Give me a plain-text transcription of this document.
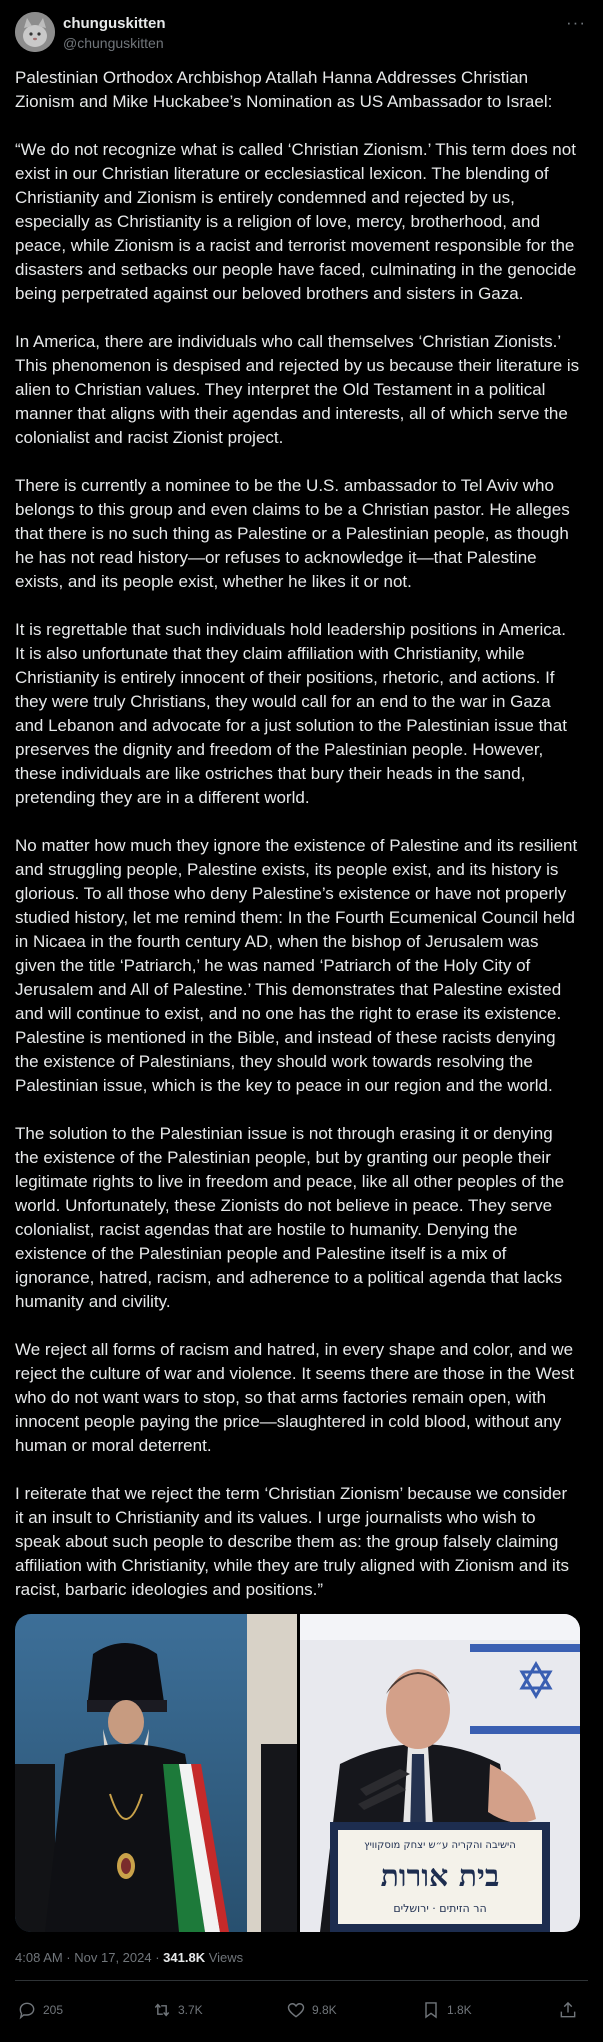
chunguskitten
@chunguskitten
···

Palestinian Orthodox Archbishop Atallah Hanna Addresses Christian Zionism and Mike Huckabee’s Nomination as US Ambassador to Israel:

“We do not recognize what is called ‘Christian Zionism.’ This term does not exist in our Christian literature or ecclesiastical lexicon. The blending of Christianity and Zionism is entirely condemned and rejected by us, especially as Christianity is a religion of love, mercy, brotherhood, and peace, while Zionism is a racist and terrorist movement responsible for the disasters and setbacks our people have faced, culminating in the genocide being perpetrated against our beloved brothers and sisters in Gaza.

In America, there are individuals who call themselves ‘Christian Zionists.’ This phenomenon is despised and rejected by us because their literature is alien to Christian values. They interpret the Old Testament in a political manner that aligns with their agendas and interests, all of which serve the colonialist and racist Zionist project.

There is currently a nominee to be the U.S. ambassador to Tel Aviv who belongs to this group and even claims to be a Christian pastor. He alleges that there is no such thing as Palestine or a Palestinian people, as though he has not read history—or refuses to acknowledge it—that Palestine exists, and its people exist, whether he likes it or not.

It is regrettable that such individuals hold leadership positions in America. It is also unfortunate that they claim affiliation with Christianity, while Christianity is entirely innocent of their positions, rhetoric, and actions. If they were truly Christians, they would call for an end to the war in Gaza and Lebanon and advocate for a just solution to the Palestinian issue that preserves the dignity and freedom of the Palestinian people. However, these individuals are like ostriches that bury their heads in the sand, pretending they are in a different world.

No matter how much they ignore the existence of Palestine and its resilient and struggling people, Palestine exists, its people exist, and its history is glorious. To all those who deny Palestine’s existence or have not properly studied history, let me remind them: In the Fourth Ecumenical Council held in Nicaea in the fourth century AD, when the bishop of Jerusalem was given the title ‘Patriarch,’ he was named ‘Patriarch of the Holy City of Jerusalem and All of Palestine.’ This demonstrates that Palestine existed and will continue to exist, and no one has the right to erase its existence. Palestine is mentioned in the Bible, and instead of these racists denying the existence of Palestinians, they should work towards resolving the Palestinian issue, which is the key to peace in our region and the world.

The solution to the Palestinian issue is not through erasing it or denying the existence of the Palestinian people, but by granting our people their legitimate rights to live in freedom and peace, like all other peoples of the world. Unfortunately, these Zionists do not believe in peace. They serve colonialist, racist agendas that are hostile to humanity. Denying the existence of the Palestinian people and Palestine itself is a mix of ignorance, hatred, racism, and adherence to a political agenda that lacks humanity and civility.

We reject all forms of racism and hatred, in every shape and color, and we reject the culture of war and violence. It seems there are those in the West who do not want wars to stop, so that arms factories remain open, with innocent people paying the price—slaughtered in cold blood, without any human or moral deterrent.

I reiterate that we reject the term ‘Christian Zionism’ because we consider it an insult to Christianity and its values. I urge journalists who wish to speak about such people to describe them as: the group falsely claiming affiliation with Christianity, while they are truly aligned with Zionism and its racist, barbaric ideologies and positions.”

הישיבה והקריה ע״ש יצחק מוסקוויץ
בית אורות
הר הזיתים · ירושלים
4:08 AM · Nov 17, 2024 · 341.8K Views
205	3.7K	9.8K	1.8K
